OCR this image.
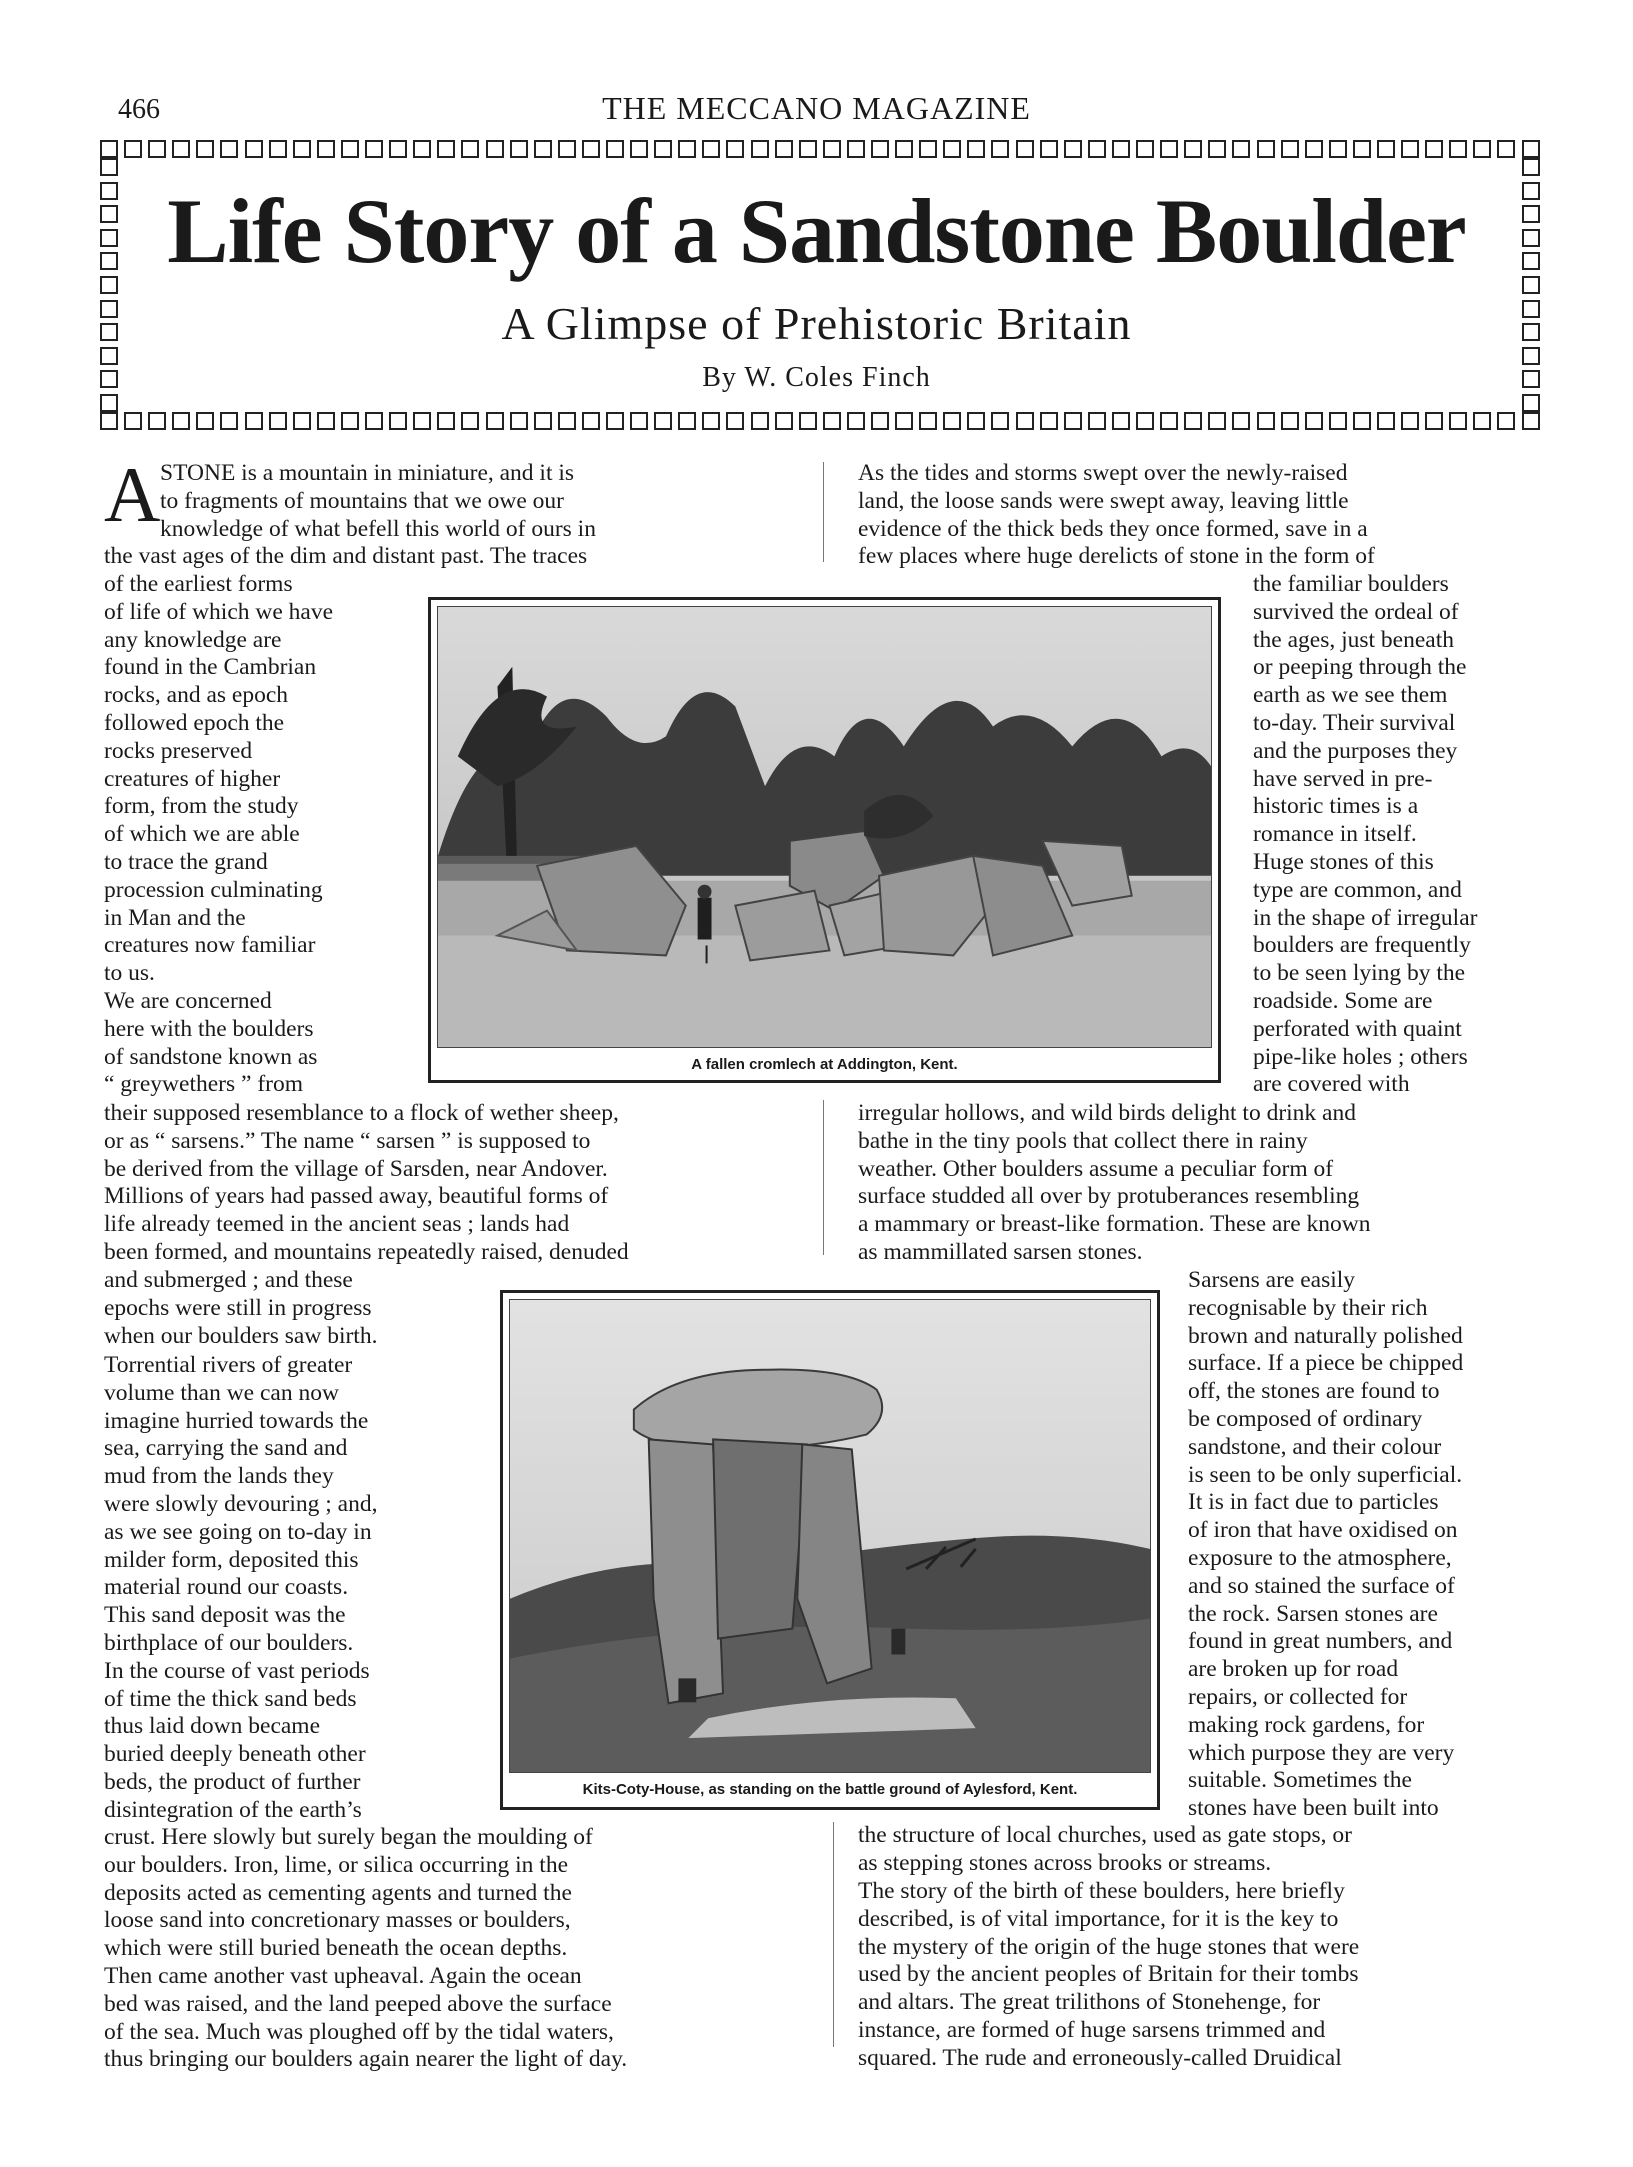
466	THE MECCANO MAGAZINE
Life Story of a Sandstone Boulder
A Glimpse of Prehistoric Britain
By W. Coles Finch
A STONE is a mountain in miniature, and it is
to fragments of mountains that we owe our
knowledge of what befell this world of ours in
the vast ages of the dim and distant past. The traces
of the earliest forms
of life of which we have
any knowledge are
found in the Cambrian
rocks, and as epoch
followed epoch the
rocks preserved
creatures of higher
form, from the study
of which we are able
to trace the grand
procession culminating
in Man and the
creatures now familiar
to us.
We are concerned
here with the boulders
of sandstone known as
“ greywethers ” from
their supposed resemblance to a flock of wether sheep,
or as “ sarsens.” The name “ sarsen ” is supposed to
be derived from the village of Sarsden, near Andover.
Millions of years had passed away, beautiful forms of
life already teemed in the ancient seas ; lands had
been formed, and mountains repeatedly raised, denuded
and submerged ; and these
epochs were still in progress
when our boulders saw birth.
Torrential rivers of greater
volume than we can now
imagine hurried towards the
sea, carrying the sand and
mud from the lands they
were slowly devouring ; and,
as we see going on to-day in
milder form, deposited this
material round our coasts.
This sand deposit was the
birthplace of our boulders.
In the course of vast periods
of time the thick sand beds
thus laid down became
buried deeply beneath other
beds, the product of further
disintegration of the earth’s
crust. Here slowly but surely began the moulding of
our boulders. Iron, lime, or silica occurring in the
deposits acted as cementing agents and turned the
loose sand into concretionary masses or boulders,
which were still buried beneath the ocean depths.
Then came another vast upheaval. Again the ocean
bed was raised, and the land peeped above the surface
of the sea. Much was ploughed off by the tidal waters,
thus bringing our boulders again nearer the light of day.
As the tides and storms swept over the newly-raised
land, the loose sands were swept away, leaving little
evidence of the thick beds they once formed, save in a
few places where huge derelicts of stone in the form of
the familiar boulders
survived the ordeal of
the ages, just beneath
or peeping through the
earth as we see them
to-day. Their survival
and the purposes they
have served in pre-
historic times is a
romance in itself.
Huge stones of this
type are common, and
in the shape of irregular
boulders are frequently
to be seen lying by the
roadside. Some are
perforated with quaint
pipe-like holes ; others
are covered with
irregular hollows, and wild birds delight to drink and
bathe in the tiny pools that collect there in rainy
weather. Other boulders assume a peculiar form of
surface studded all over by protuberances resembling
a mammary or breast-like formation. These are known
as mammillated sarsen stones.
Sarsens are easily
recognisable by their rich
brown and naturally polished
surface. If a piece be chipped
off, the stones are found to
be composed of ordinary
sandstone, and their colour
is seen to be only superficial.
It is in fact due to particles
of iron that have oxidised on
exposure to the atmosphere,
and so stained the surface of
the rock. Sarsen stones are
found in great numbers, and
are broken up for road
repairs, or collected for
making rock gardens, for
which purpose they are very
suitable. Sometimes the
stones have been built into
the structure of local churches, used as gate stops, or
as stepping stones across brooks or streams.
The story of the birth of these boulders, here briefly
described, is of vital importance, for it is the key to
the mystery of the origin of the huge stones that were
used by the ancient peoples of Britain for their tombs
and altars. The great trilithons of Stonehenge, for
instance, are formed of huge sarsens trimmed and
squared. The rude and erroneously-called Druidical
A fallen cromlech at Addington, Kent.
Kits-Coty-House, as standing on the battle ground of Aylesford, Kent.
